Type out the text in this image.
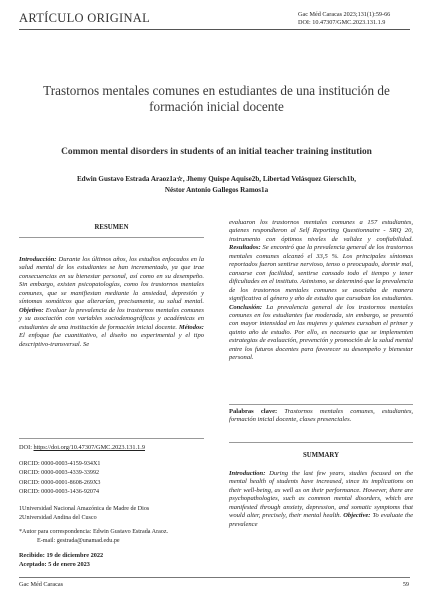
ARTÍCULO ORIGINAL	Gac Méd Caracas 2023;131(1):59-66
DOI: 10.47307/GMC.2023.131.1.9
Trastornos mentales comunes en estudiantes de una institución de formación inicial docente
Common mental disorders in students of an initial teacher training institution
Edwin Gustavo Estrada Araoz1a☆, Jhemy Quispe Aquise2b, Libertad Velásquez Giersch1b,
Néstor Antonio Gallegos Ramos1a

RESUMEN

Introducción: Durante los últimos años, los estudios enfocados en la salud mental de los estudiantes se han incrementado, ya que trae consecuencias en su bienestar personal, así como en su desempeño. Sin embargo, existen psicopatologías, como los trastornos mentales comunes, que se manifiestan mediante la ansiedad, depresión y síntomas somáticos que alterarían, precisamente, su salud mental. Objetivo: Evaluar la prevalencia de los trastornos mentales comunes y su asociación con variables sociodemográficas y académicas en estudiantes de una institución de formación inicial docente. Métodos: El enfoque fue cuantitativo, el diseño no experimental y el tipo descriptivo-transversal. Se

DOI: https://doi.org/10.47307/GMC.2023.131.1.9
ORCID: 0000-0003-4159-934X1
ORCID: 0000-0003-4339-33992
ORCID: 0000-0001-8608-269X3
ORCID: 0000-0003-1436-92074
1Universidad Nacional Amazónica de Madre de Dios
2Universidad Andina del Cusco
*Autor para correspondencia: Edwin Gustavo Estrada Araoz.
E-mail: gestrada@unamad.edu.pe
Recibido: 19 de diciembre 2022
Aceptado: 5 de enero 2023

evaluaron los trastornos mentales comunes a 157 estudiantes, quienes respondieron al Self Reporting Questionnaire - SRQ 20, instrumento con óptimos niveles de validez y confiabilidad. Resultados: Se encontró que la prevalencia general de los trastornos mentales comunes alcanzó el 33,5 %. Los principales síntomas reportados fueron sentirse nervioso, tenso o preocupado, dormir mal, cansarse con facilidad, sentirse cansado todo el tiempo y tener dificultades en el instituto. Asimismo, se determinó que la prevalencia de los trastornos mentales comunes se asociaba de manera significativa al género y año de estudio que cursaban los estudiantes. Conclusión: La prevalencia general de los trastornos mentales comunes en los estudiantes fue moderada, sin embargo, se presentó con mayor intensidad en las mujeres y quienes cursaban el primer y quinto año de estudio. Por ello, es necesario que se implementen estrategias de evaluación, prevención y promoción de la salud mental entre los futuros docentes para favorecer su desempeño y bienestar personal.

Palabras clave: Trastornos mentales comunes, estudiantes, formación inicial docente, clases presenciales.

SUMMARY

Introduction: During the last few years, studies focused on the mental health of students have increased, since its implications on their well-being, as well as on their performance. However, there are psychopathologies, such as common mental disorders, which are manifested through anxiety, depression, and somatic symptoms that would alter, precisely, their mental health. Objective: To evaluate the prevalence

Gac Méd Caracas	59
